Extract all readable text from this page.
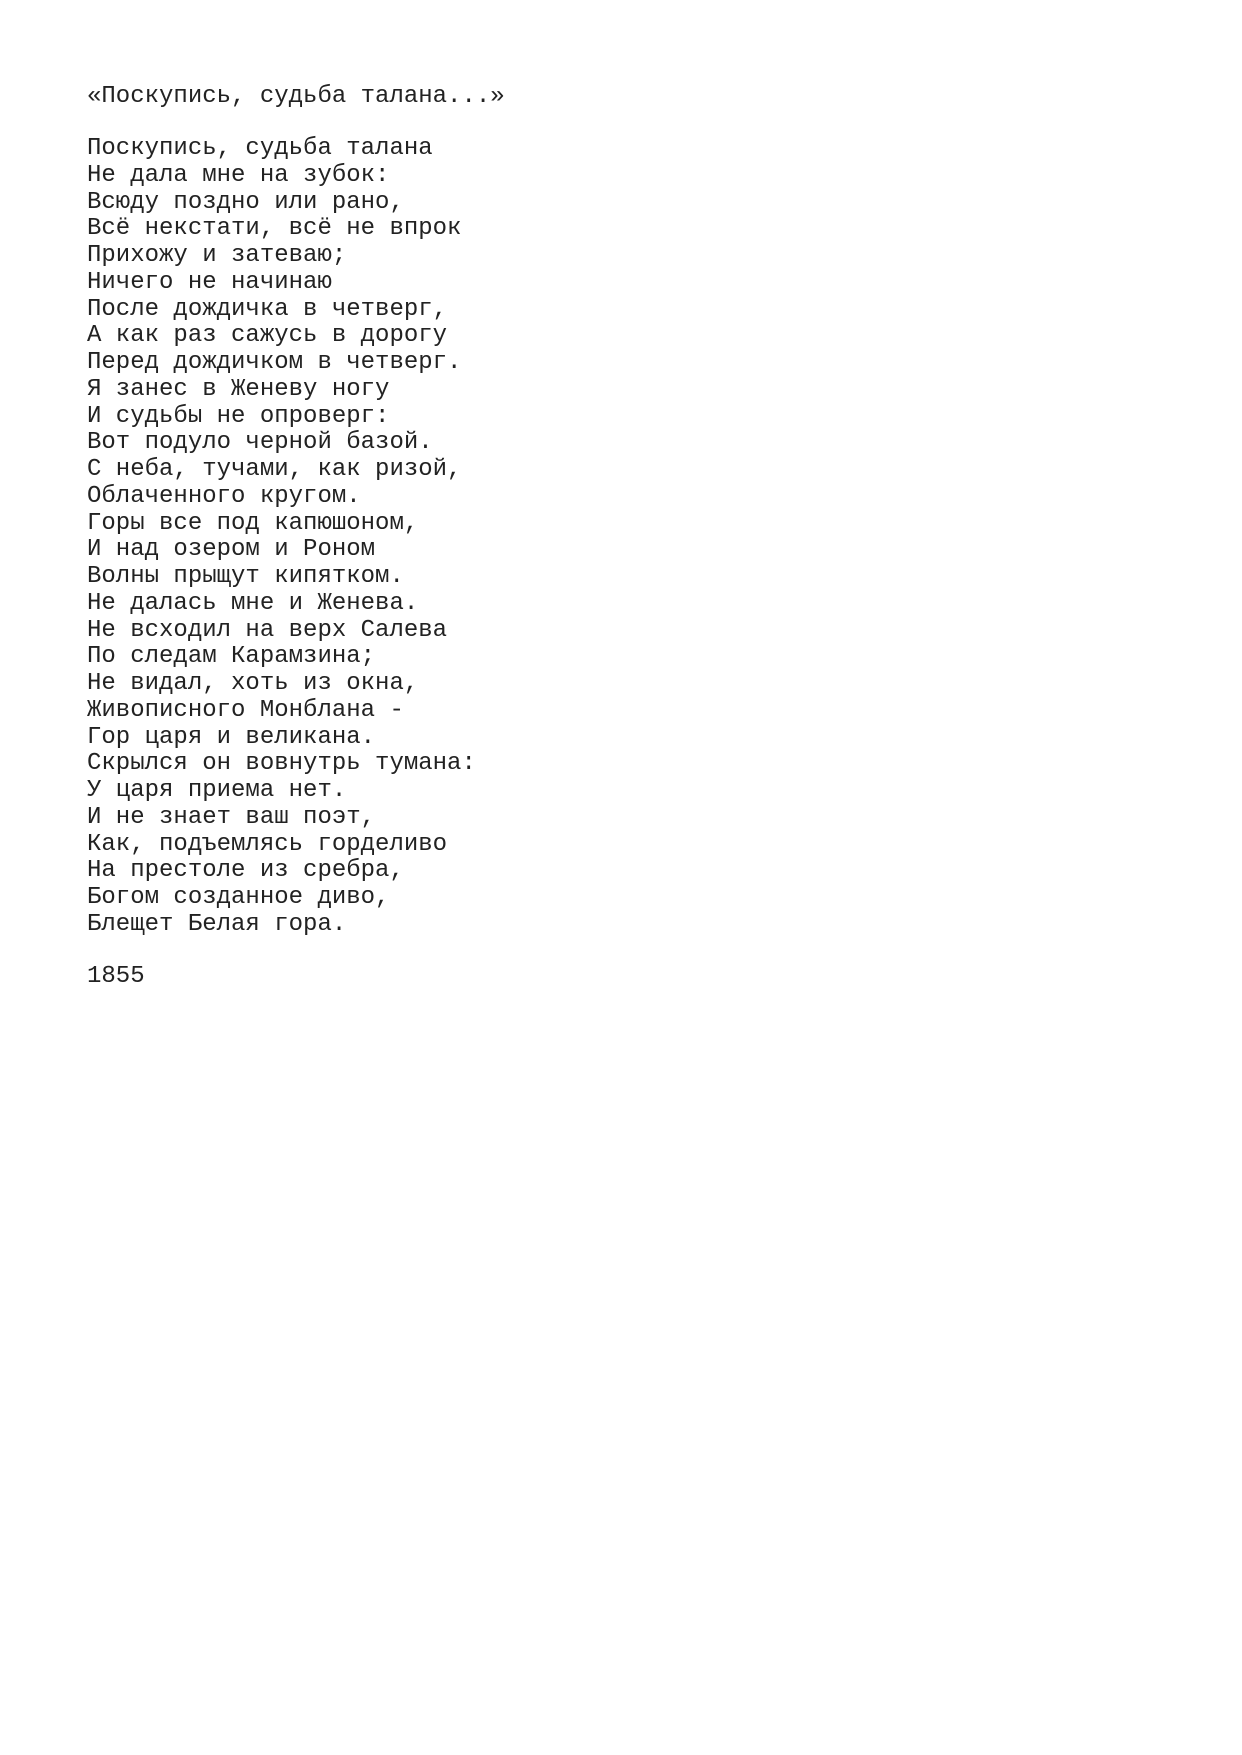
«Поскупись, судьба талана...»
Поскупись, судьба талана
Не дала мне на зубок:
Всюду поздно или рано,
Всё некстати, всё не впрок
Прихожу и затеваю;
Ничего не начинаю
После дождичка в четверг,
А как раз сажусь в дорогу
Перед дождичком в четверг.
Я занес в Женеву ногу
И судьбы не опроверг:
Вот подуло черной базой.
С неба, тучами, как ризой,
Облаченного кругом.
Горы все под капюшоном,
И над озером и Роном
Волны прыщут кипятком.
Не далась мне и Женева.
Не всходил на верх Салева
По следам Карамзина;
Не видал, хоть из окна,
Живописного Монблана -
Гор царя и великана.
Скрылся он вовнутрь тумана:
У царя приема нет.
И не знает ваш поэт,
Как, подъемлясь горделиво
На престоле из сребра,
Богом созданное диво,
Блещет Белая гора.

1855
